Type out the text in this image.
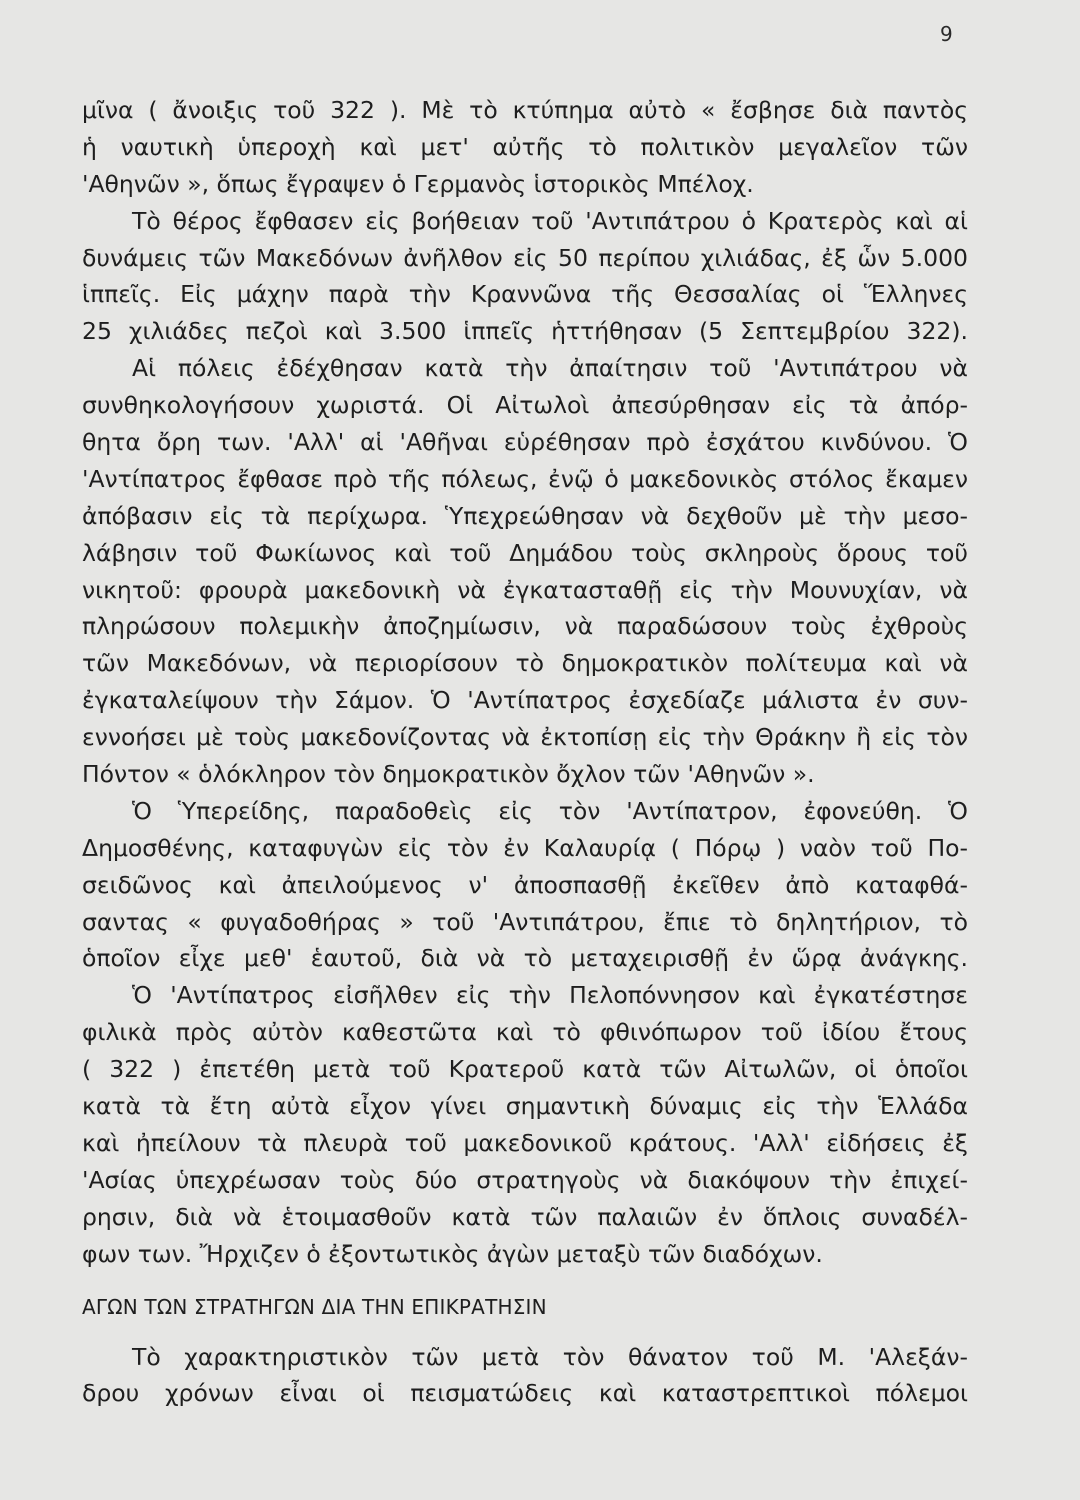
9
μῖνα ( ἄνοιξις τοῦ 322 ). Μὲ τὸ κτύπημα αὐτὸ « ἔσβησε διὰ παντὸς
ἡ ναυτικὴ ὑπεροχὴ καὶ μετ' αὐτῆς τὸ πολιτικὸν μεγαλεῖον τῶν
'Αθηνῶν », ὅπως ἔγραψεν ὁ Γερμανὸς ἱστορικὸς Μπέλοχ.
Τὸ θέρος ἔφθασεν εἰς βοήθειαν τοῦ 'Αντιπάτρου ὁ Κρατερὸς καὶ αἱ
δυνάμεις τῶν Μακεδόνων ἀνῆλθον εἰς 50 περίπου χιλιάδας, ἐξ ὧν 5.000
ἱππεῖς. Εἰς μάχην παρὰ τὴν Κραννῶνα τῆς Θεσσαλίας οἱ Ἕλληνες
25 χιλιάδες πεζοὶ καὶ 3.500 ἱππεῖς ἡττήθησαν (5 Σεπτεμβρίου 322).
Αἱ πόλεις ἐδέχθησαν κατὰ τὴν ἀπαίτησιν τοῦ 'Αντιπάτρου νὰ
συνθηκολογήσουν χωριστά. Οἱ Αἰτωλοὶ ἀπεσύρθησαν εἰς τὰ ἀπόρ-
θητα ὄρη των. 'Αλλ' αἱ 'Αθῆναι εὑρέθησαν πρὸ ἐσχάτου κινδύνου. Ὁ
'Αντίπατρος ἔφθασε πρὸ τῆς πόλεως, ἐνῷ ὁ μακεδονικὸς στόλος ἔκαμεν
ἀπόβασιν εἰς τὰ περίχωρα. Ὑπεχρεώθησαν νὰ δεχθοῦν μὲ τὴν μεσο-
λάβησιν τοῦ Φωκίωνος καὶ τοῦ Δημάδου τοὺς σκληροὺς ὅρους τοῦ
νικητοῦ: φρουρὰ μακεδονικὴ νὰ ἐγκατασταθῇ εἰς τὴν Μουνυχίαν, νὰ
πληρώσουν πολεμικὴν ἀποζημίωσιν, νὰ παραδώσουν τοὺς ἐχθροὺς
τῶν Μακεδόνων, νὰ περιορίσουν τὸ δημοκρατικὸν πολίτευμα καὶ νὰ
ἐγκαταλείψουν τὴν Σάμον. Ὁ 'Αντίπατρος ἐσχεδίαζε μάλιστα ἐν συν-
εννοήσει μὲ τοὺς μακεδονίζοντας νὰ ἐκτοπίσῃ εἰς τὴν Θράκην ἢ εἰς τὸν
Πόντον « ὁλόκληρον τὸν δημοκρατικὸν ὄχλον τῶν 'Αθηνῶν ».
Ὁ Ὑπερείδης, παραδοθεὶς εἰς τὸν 'Αντίπατρον, ἐφονεύθη. Ὁ
Δημοσθένης, καταφυγὼν εἰς τὸν ἐν Καλαυρίᾳ ( Πόρῳ ) ναὸν τοῦ Πο-
σειδῶνος καὶ ἀπειλούμενος ν' ἀποσπασθῇ ἐκεῖθεν ἀπὸ καταφθά-
σαντας « φυγαδοθήρας » τοῦ 'Αντιπάτρου, ἔπιε τὸ δηλητήριον, τὸ
ὁποῖον εἶχε μεθ' ἑαυτοῦ, διὰ νὰ τὸ μεταχειρισθῇ ἐν ὥρᾳ ἀνάγκης.
Ὁ 'Αντίπατρος εἰσῆλθεν εἰς τὴν Πελοπόννησον καὶ ἐγκατέστησε
φιλικὰ πρὸς αὐτὸν καθεστῶτα καὶ τὸ φθινόπωρον τοῦ ἰδίου ἔτους
( 322 ) ἐπετέθη μετὰ τοῦ Κρατεροῦ κατὰ τῶν Αἰτωλῶν, οἱ ὁποῖοι
κατὰ τὰ ἔτη αὐτὰ εἶχον γίνει σημαντικὴ δύναμις εἰς τὴν Ἑλλάδα
καὶ ἠπείλουν τὰ πλευρὰ τοῦ μακεδονικοῦ κράτους. 'Αλλ' εἰδήσεις ἐξ
'Ασίας ὑπεχρέωσαν τοὺς δύο στρατηγοὺς νὰ διακόψουν τὴν ἐπιχεί-
ρησιν, διὰ νὰ ἑτοιμασθοῦν κατὰ τῶν παλαιῶν ἐν ὅπλοις συναδέλ-
φων των. Ἤρχιζεν ὁ ἐξοντωτικὸς ἀγὼν μεταξὺ τῶν διαδόχων.
ΑΓΩΝ ΤΩΝ ΣΤΡΑΤΗΓΩΝ ΔΙΑ ΤΗΝ ΕΠΙΚΡΑΤΗΣΙΝ
Τὸ χαρακτηριστικὸν τῶν μετὰ τὸν θάνατον τοῦ Μ. 'Αλεξάν-
δρου χρόνων εἶναι οἱ πεισματώδεις καὶ καταστρεπτικοὶ πόλεμοι
